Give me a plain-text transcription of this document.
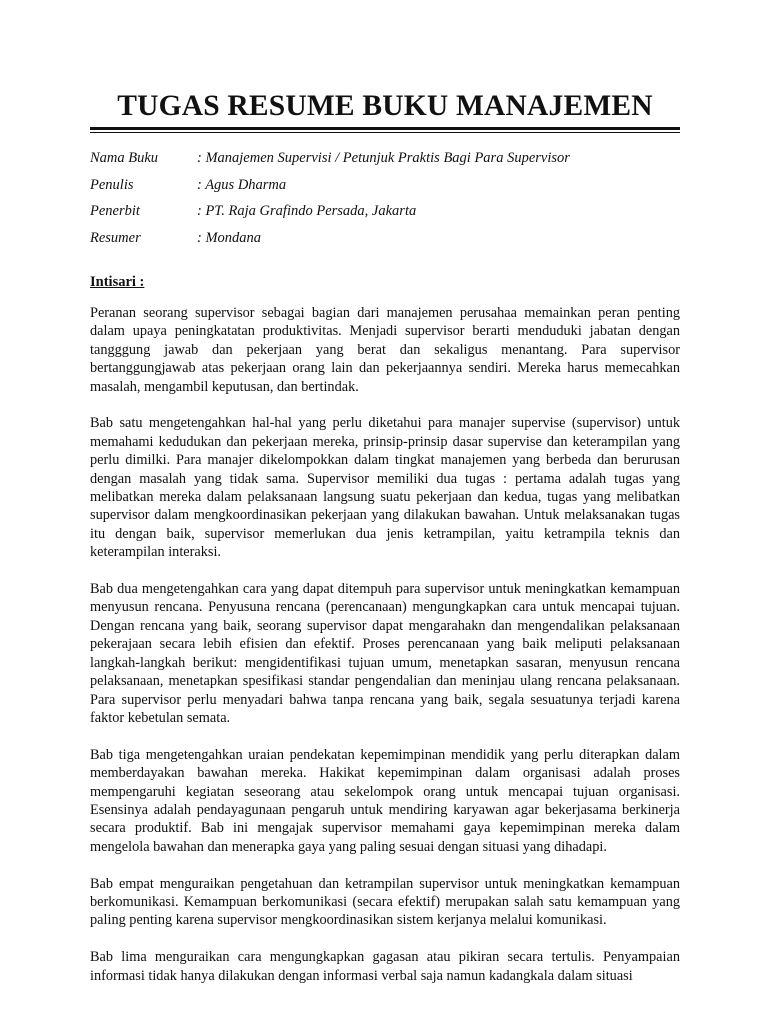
TUGAS RESUME BUKU MANAJEMEN
Nama Buku	: Manajemen Supervisi / Petunjuk Praktis Bagi Para Supervisor
Penulis	: Agus Dharma
Penerbit	: PT. Raja Grafindo Persada, Jakarta
Resumer	: Mondana
Intisari :

Peranan seorang supervisor sebagai bagian dari manajemen perusahaa memainkan peran penting dalam upaya peningkatatan produktivitas. Menjadi supervisor berarti menduduki jabatan dengan tangggung jawab dan pekerjaan yang berat dan sekaligus menantang. Para supervisor bertanggungjawab atas pekerjaan orang lain dan pekerjaannya sendiri. Mereka harus memecahkan masalah, mengambil keputusan, dan bertindak.

Bab satu mengetengahkan hal-hal yang perlu diketahui para manajer supervise (supervisor) untuk memahami kedudukan dan pekerjaan mereka, prinsip-prinsip dasar supervise dan keterampilan yang perlu dimilki. Para manajer dikelompokkan dalam tingkat manajemen yang berbeda dan berurusan dengan masalah yang tidak sama. Supervisor memiliki dua tugas : pertama adalah tugas yang melibatkan mereka dalam pelaksanaan langsung suatu pekerjaan dan kedua, tugas yang melibatkan supervisor dalam mengkoordinasikan pekerjaan yang dilakukan bawahan. Untuk melaksanakan tugas itu dengan baik, supervisor memerlukan dua jenis ketrampilan, yaitu ketrampila teknis dan keterampilan interaksi.

Bab dua mengetengahkan cara yang dapat ditempuh para supervisor untuk meningkatkan kemampuan menyusun rencana. Penyusuna rencana (perencanaan) mengungkapkan cara untuk mencapai tujuan. Dengan rencana yang baik, seorang supervisor dapat mengarahakn dan mengendalikan pelaksanaan pekerajaan secara lebih efisien dan efektif. Proses perencanaan yang baik meliputi pelaksanaan langkah-langkah berikut: mengidentifikasi tujuan umum, menetapkan sasaran, menyusun rencana pelaksanaan, menetapkan spesifikasi standar pengendalian dan meninjau ulang rencana pelaksanaan. Para supervisor perlu menyadari bahwa tanpa rencana yang baik, segala sesuatunya terjadi karena faktor kebetulan semata.

Bab tiga mengetengahkan uraian pendekatan kepemimpinan mendidik yang perlu diterapkan dalam memberdayakan bawahan mereka. Hakikat kepemimpinan dalam organisasi adalah proses mempengaruhi kegiatan seseorang atau sekelompok orang untuk mencapai tujuan organisasi. Esensinya adalah pendayagunaan pengaruh untuk mendiring karyawan agar bekerjasama berkinerja secara produktif. Bab ini mengajak supervisor memahami gaya kepemimpinan mereka dalam mengelola bawahan dan menerapka gaya yang paling sesuai dengan situasi yang dihadapi.

Bab empat menguraikan pengetahuan dan ketrampilan supervisor untuk meningkatkan kemampuan berkomunikasi. Kemampuan berkomunikasi (secara efektif) merupakan salah satu kemampuan yang paling penting karena supervisor mengkoordinasikan sistem kerjanya melalui komunikasi.

Bab lima menguraikan cara mengungkapkan gagasan atau pikiran secara tertulis. Penyampaian informasi tidak hanya dilakukan dengan informasi verbal saja namun kadangkala dalam situasi
